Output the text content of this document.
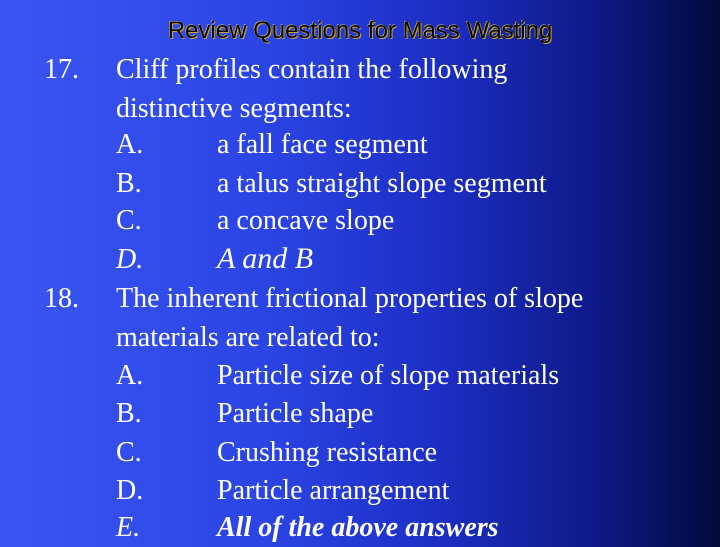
Review Questions for Mass Wasting
17.	Cliff profiles contain the following
distinctive segments:
A.	a fall face segment
B.	a talus straight slope segment
C.	a concave slope
D. A and B
18.	The inherent frictional properties of slope
materials are related to:
A.	Particle size of slope materials
B.	Particle shape
C.	Crushing resistance
D.	Particle arrangement
E.	All of the above answers
